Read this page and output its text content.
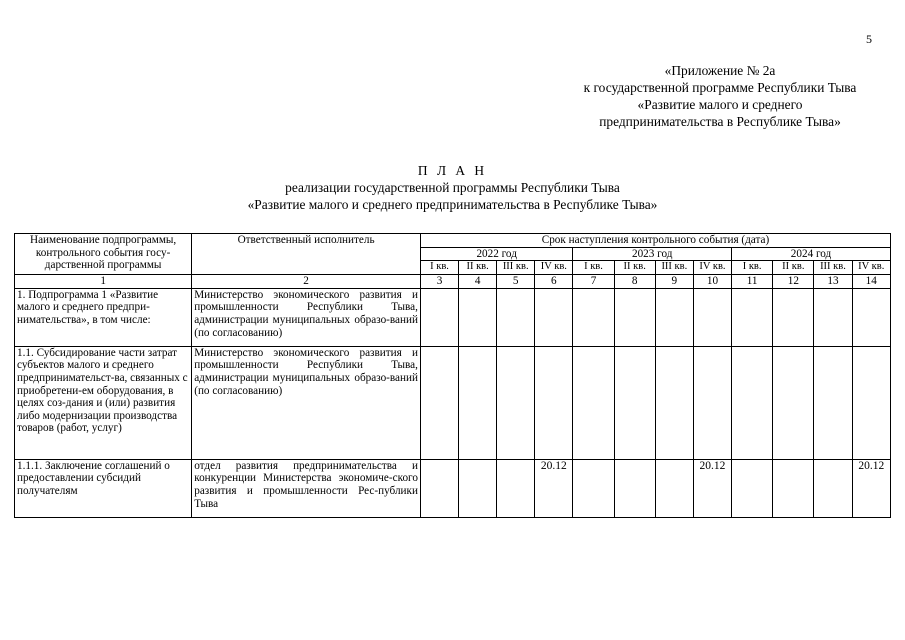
5
«Приложение № 2а
к государственной программе Республики Тыва
«Развитие малого и среднего
предпринимательства в Республике Тыва»
П Л А Н
реализации государственной программы Республики Тыва
«Развитие малого и среднего предпринимательства в Республике Тыва»
Наименование подпрограммы, контрольного события госу-дарственной программы	Ответственный исполнитель	Срок наступления контрольного события (дата)											
		2022 год				2023 год				2024 год			
		I кв.	II кв.	III кв.	IV кв.	I кв.	II кв.	III кв.	IV кв.	I кв.	II кв.	III кв.	IV кв.
1	2	3	4	5	6	7	8	9	10	11	12	13	14
1. Подпрограмма 1 «Развитие малого и среднего предпри-нимательства», в том числе:	Министерство экономического развития и промышленности Республики Тыва, администрации муниципальных образо-ваний (по согласованию)												
1.1. Субсидирование части затрат субъектов малого и среднего предпринимательст-ва, связанных с приобретени-ем оборудования, в целях соз-дания и (или) развития либо модернизации производства товаров (работ, услуг)	Министерство экономического развития и промышленности Республики Тыва, администрации муниципальных образо-ваний (по согласованию)												
1.1.1. Заключение соглашений о предоставлении субсидий получателям	отдел развития предпринимательства и конкуренции Министерства экономиче-ского развития и промышленности Рес-публики Тыва				20.12				20.12				20.12
